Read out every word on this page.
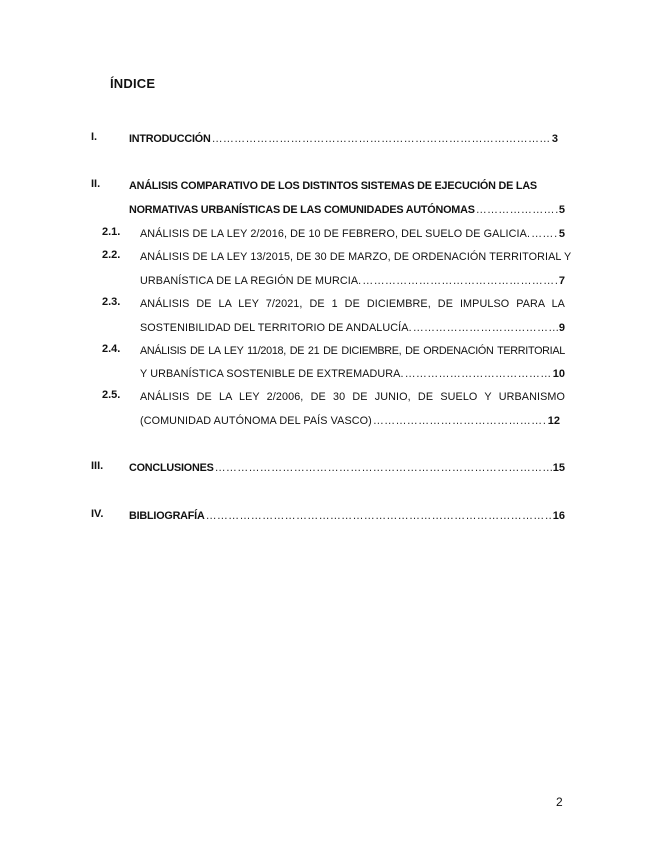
ÍNDICE
I.	INTRODUCCIÓN ………………………………………………………………………………………………………………………………………………………………………	3
II.	ANÁLISIS COMPARATIVO DE LOS DISTINTOS SISTEMAS DE EJECUCIÓN DE LAS
NORMATIVAS URBANÍSTICAS DE LAS COMUNIDADES AUTÓNOMAS ………………………………………………………………………………………………………………………………………………………………………	5
2.1. ANÁLISIS DE LA LEY 2/2016, DE 10 DE FEBRERO, DEL SUELO DE GALICIA. ………………………………………………………………………………………………………………………………………………………………………	5
2.2. ANÁLISIS DE LA LEY 13/2015, DE 30 DE MARZO, DE ORDENACIÓN TERRITORIAL Y
URBANÍSTICA DE LA REGIÓN DE MURCIA. ………………………………………………………………………………………………………………………………………………………………………	7
2.3. ANÁLISIS DE LA LEY 7/2021, DE 1 DE DICIEMBRE, DE IMPULSO PARA LA
SOSTENIBILIDAD DEL TERRITORIO DE ANDALUCÍA. ………………………………………………………………………………………………………………………………………………………………………	9
2.4. ANÁLISIS DE LA LEY 11/2018, DE 21 DE DICIEMBRE, DE ORDENACIÓN TERRITORIAL
Y URBANÍSTICA SOSTENIBLE DE EXTREMADURA. ………………………………………………………………………………………………………………………………………………………………………	10
2.5. ANÁLISIS DE LA LEY 2/2006, DE 30 DE JUNIO, DE SUELO Y URBANISMO
(COMUNIDAD AUTÓNOMA DEL PAÍS VASCO) ………………………………………………………………………………………………………………………………………………………………………	12
III. CONCLUSIONES ………………………………………………………………………………………………………………………………………………………………………	15
IV. BIBLIOGRAFÍA ………………………………………………………………………………………………………………………………………………………………………	16
2
